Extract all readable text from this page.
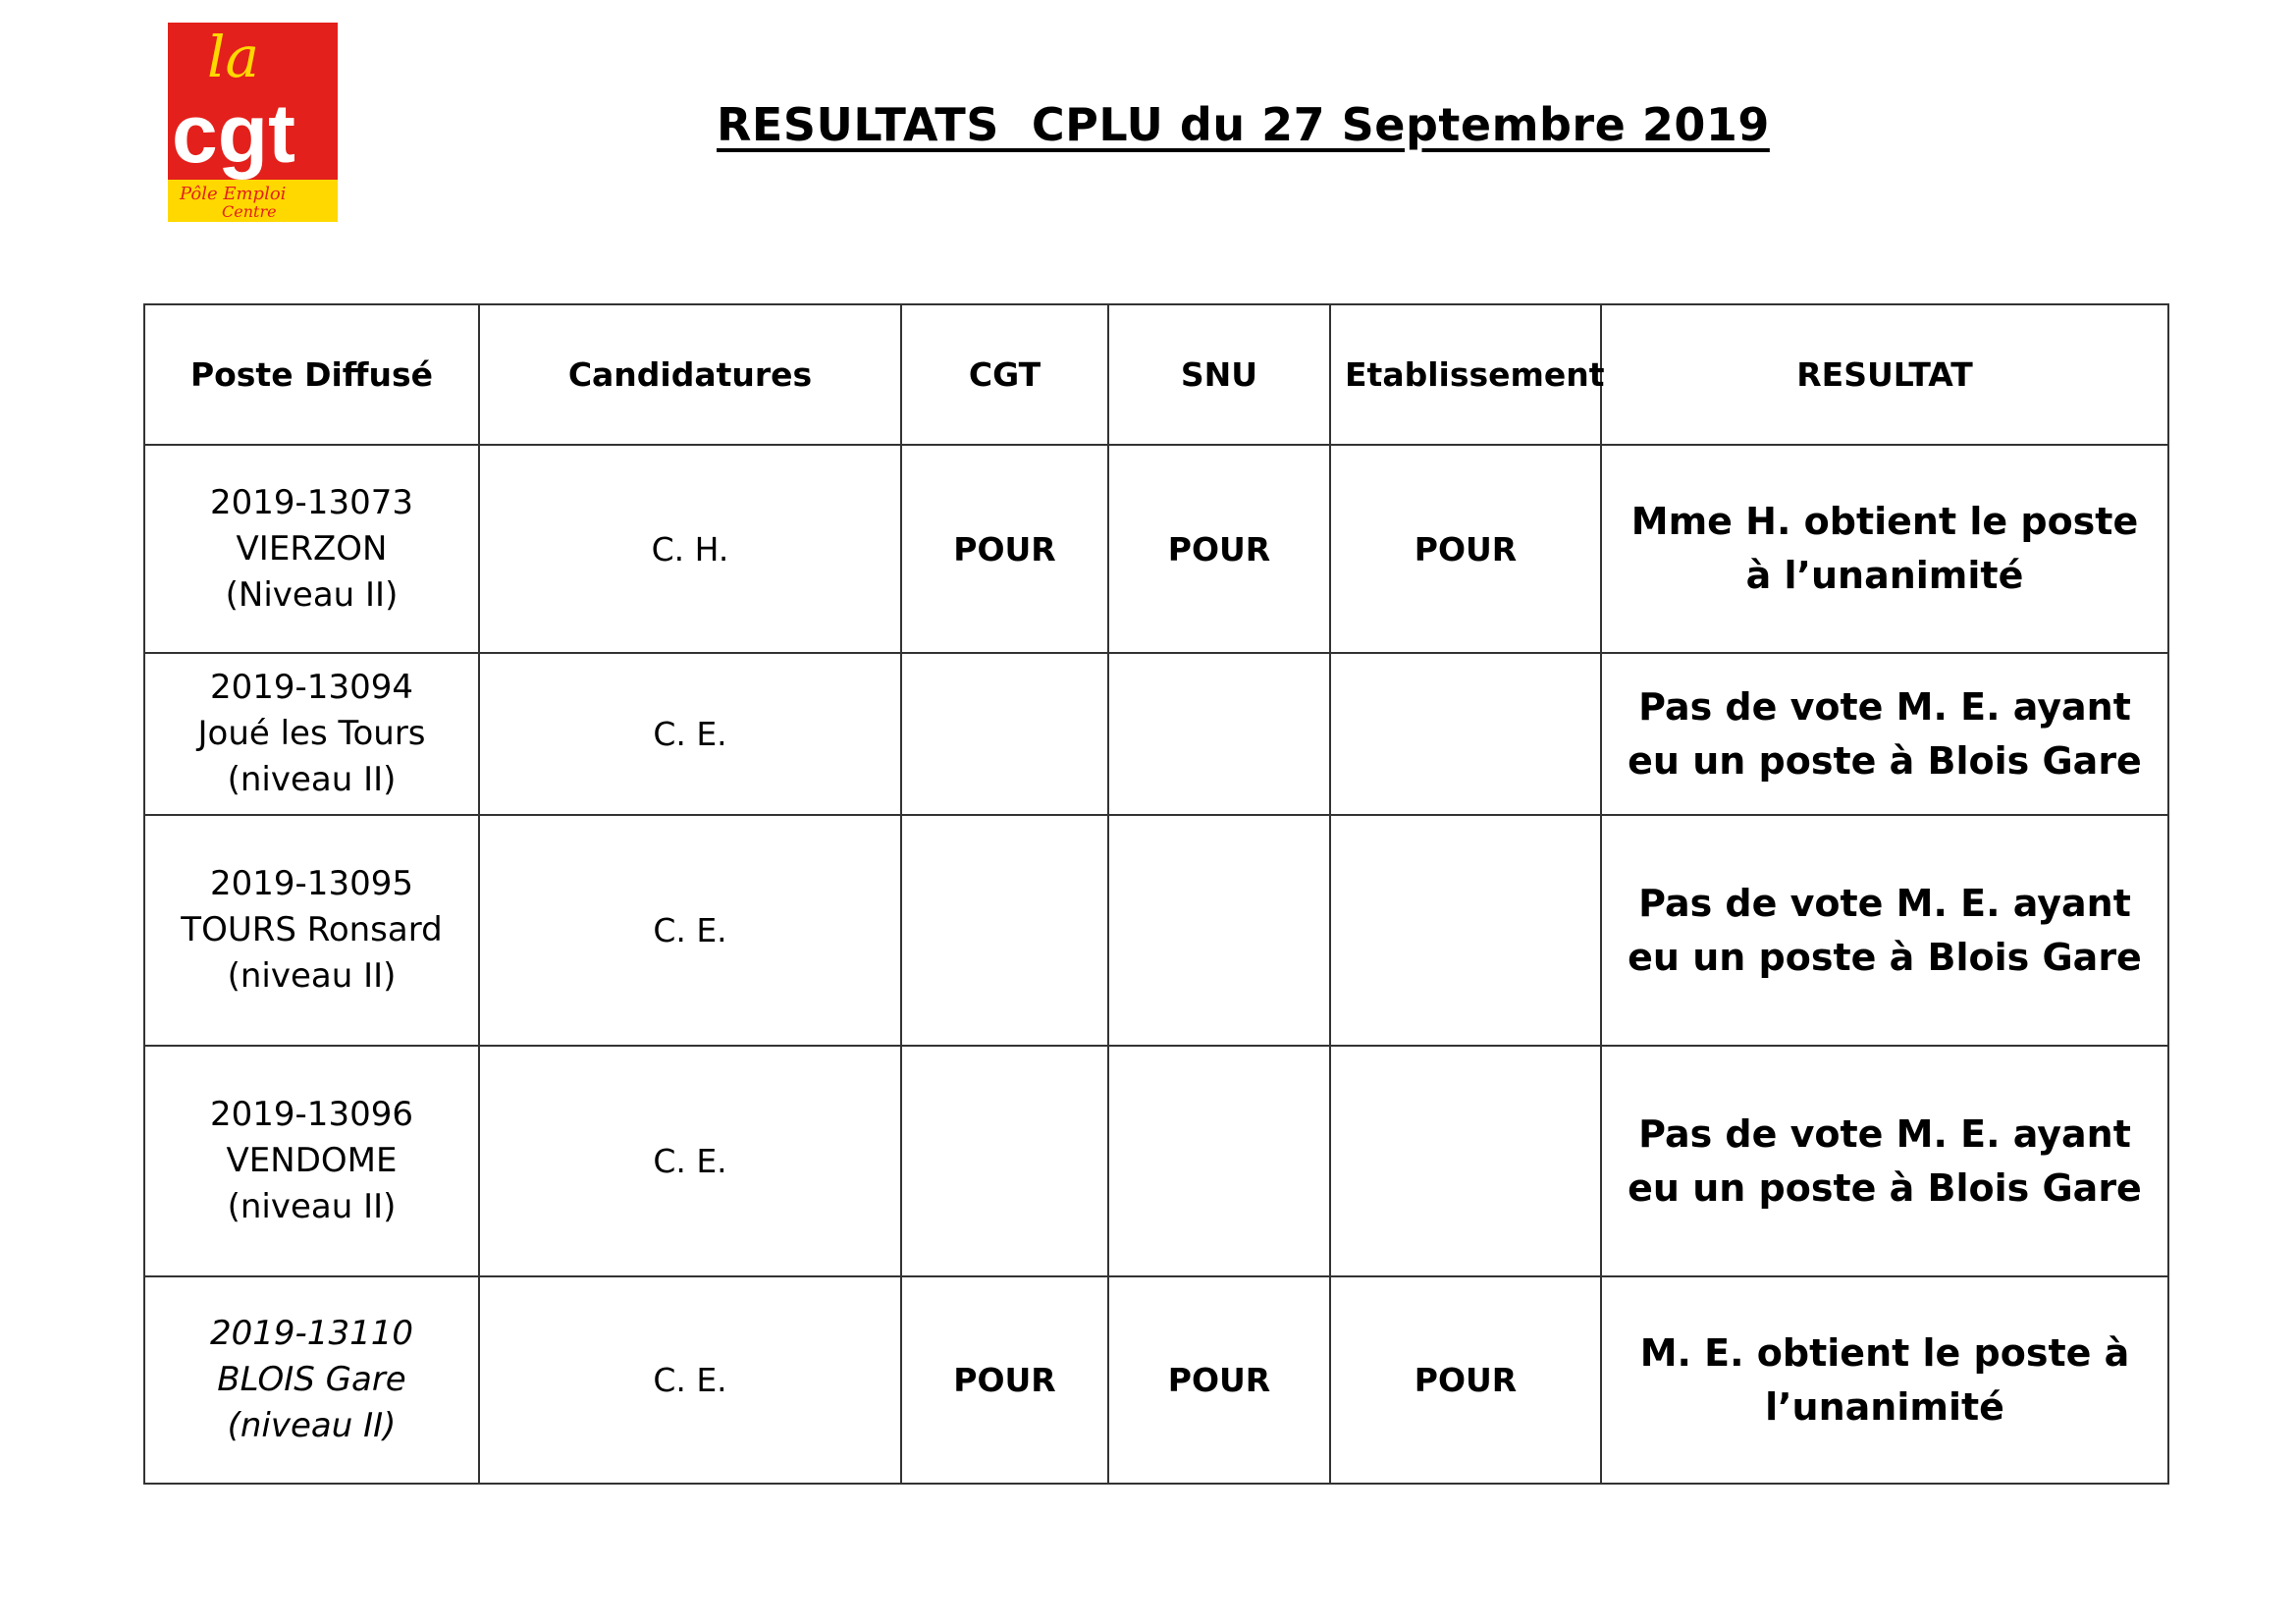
la
cgt
Pôle Emploi
Centre
RESULTATS  CPLU du 27 Septembre 2019
Poste Diffusé	Candidatures	CGT	SNU	Etablissement	RESULTAT

2019-13073
VIERZON
(Niveau II)	C. H.	POUR	POUR	POUR	Mme H. obtient le poste à l’unanimité

2019-13094
Joué les Tours
(niveau II)	C. E.				Pas de vote M. E. ayant eu un poste à Blois Gare

2019-13095
TOURS Ronsard
(niveau II)	C. E.				Pas de vote M. E. ayant eu un poste à Blois Gare

2019-13096
VENDOME
(niveau II)	C. E.				Pas de vote M. E. ayant eu un poste à Blois Gare

2019-13110
BLOIS Gare
(niveau II)	C. E.	POUR	POUR	POUR	M. E. obtient le poste à l’unanimité
